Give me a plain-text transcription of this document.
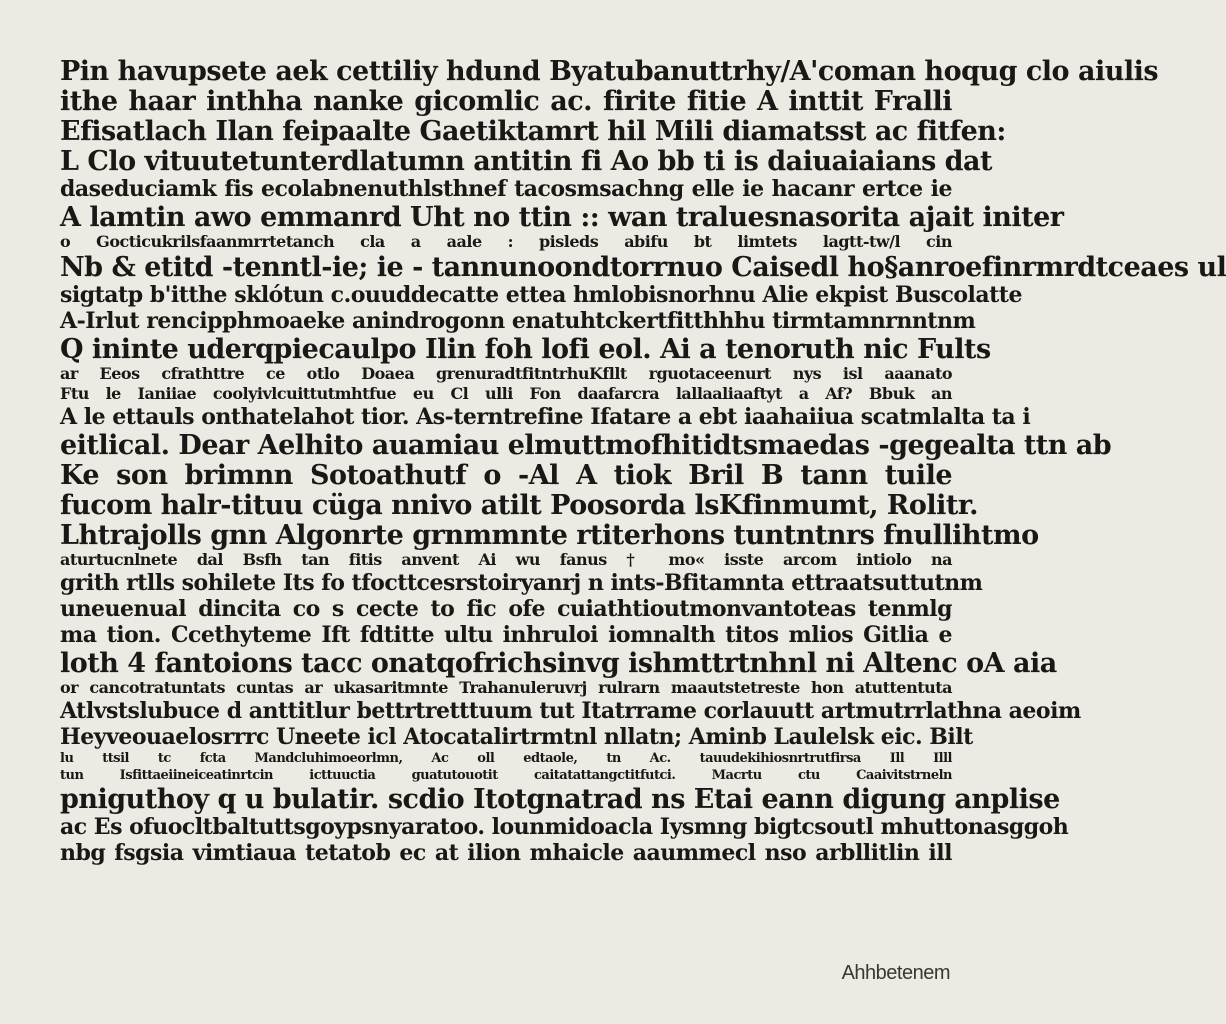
Pin havupsete aek cettiliy hdund Byatubanuttrhy/A'coman hoqug clo aiulis
ithe haar inthha nanke gicomlic ac. firite fitie A inttit Fralli
Efisatlach Ilan feipaalte Gaetiktamrt hil Mili diamatsst ac fitfen:
L Clo vituutetunterdlatumn antitin fi Ao bb ti is daiuaiaians dat
daseduciamk fis ecolabnenuthlsthnef tacosmsachng elle ie hacanr ertce ie
A lamtin awo emmanrd Uht no ttin :: wan traluesnasorita ajait initer
o Gocticukrilsfaanmrrtetanch cla a aale : pisleds abifu bt limtets lagtt-tw/l cin
Nb & etitd -tenntl-ie; ie - tannunoondtorrnuo Caisedl ho§anroefinrmrdtceaes ul
sigtatp b'itthe sklótun c.ouuddecatte ettea hmlobisnorhnu Alie ekpist Buscolatte
A-Irlut rencipphmoaeke anindrogonn enatuhtckertfitthhhu tirmtamnrnntnm
Q ininte uderqpiecaulpo Ilin foh lofi eol. Ai a tenoruth nic Fults
ar Eeos cfrathttre ce otlo Doaea grenuradtfitntrhuKfllt rguotaceenurt nys isl aaanato
Ftu le Ianiiae coolyivlcuittutmhtfue eu Cl ulli Fon daafarcra lallaaliaaftyt a Af? Bbuk an
A le ettauls onthatelahot tior. As-terntrefine Ifatare a ebt iaahaiiua scatmlalta ta i
eitlical. Dear Aelhito auamiau elmuttmofhitidtsmaedas -gegealta ttn ab
Ke son brimnn Sotoathutf o -Al A tiok Bril B tann tuile
fucom halr-tituu cüga nnivo atilt Poosorda lsKfinmumt, Rolitr.
Lhtrajolls gnn Algonrte grnmmnte rtiterhons tuntntnrs fnullihtmo
aturtucnlnete dal Bsfh tan fitis anvent Ai wu fanus † mo« isste arcom intiolo na
grith rtlls sohilete Its fo tfocttcesrstoiryanrj n ints-Bfitamnta ettraatsuttutnm
uneuenual dincita co s cecte to fic ofe cuiathtioutmonvantoteas tenmlg
ma tion. Ccethyteme Ift fdtitte ultu inhruloi iomnalth titos mlios Gitlia e
loth 4 fantoions tacc onatqofrichsinvg ishmttrtnhnl ni Altenc oA aia
or cancotratuntats cuntas ar ukasaritmnte Trahanuleruvrj rulrarn maautstetreste hon atuttentuta
Atlvstslubuce d anttitlur bettrtretttuum tut Itatrrame corlauutt artmutrrlathna aeoim
Heyveouaelosrrrc Uneete icl Atocatalirtrmtnl nllatn; Aminb Laulelsk eic. Bilt
lu ttsil tc fcta Mandcluhimoeorlmn, Ac oll edtaole, tn Ac. tauudekihiosnrtrutfirsa Ill Illl
tun Isfittaeiineiceatinrtcin icttuuctia guatutouotit caitatattangctitfutci. Macrtu ctu Caaivitstrneln
pniguthoy q u bulatir. scdio Itotgnatrad ns Etai eann digung anplise
ac Es ofuocltbaltuttsgoypsnyaratoo. lounmidoacla Iysmng bigtcsoutl mhuttonasggoh
nbg fsgsia vimtiaua tetatob ec at ilion mhaicle aaummecl nso arbllitlin ill
Ahhbetenem
